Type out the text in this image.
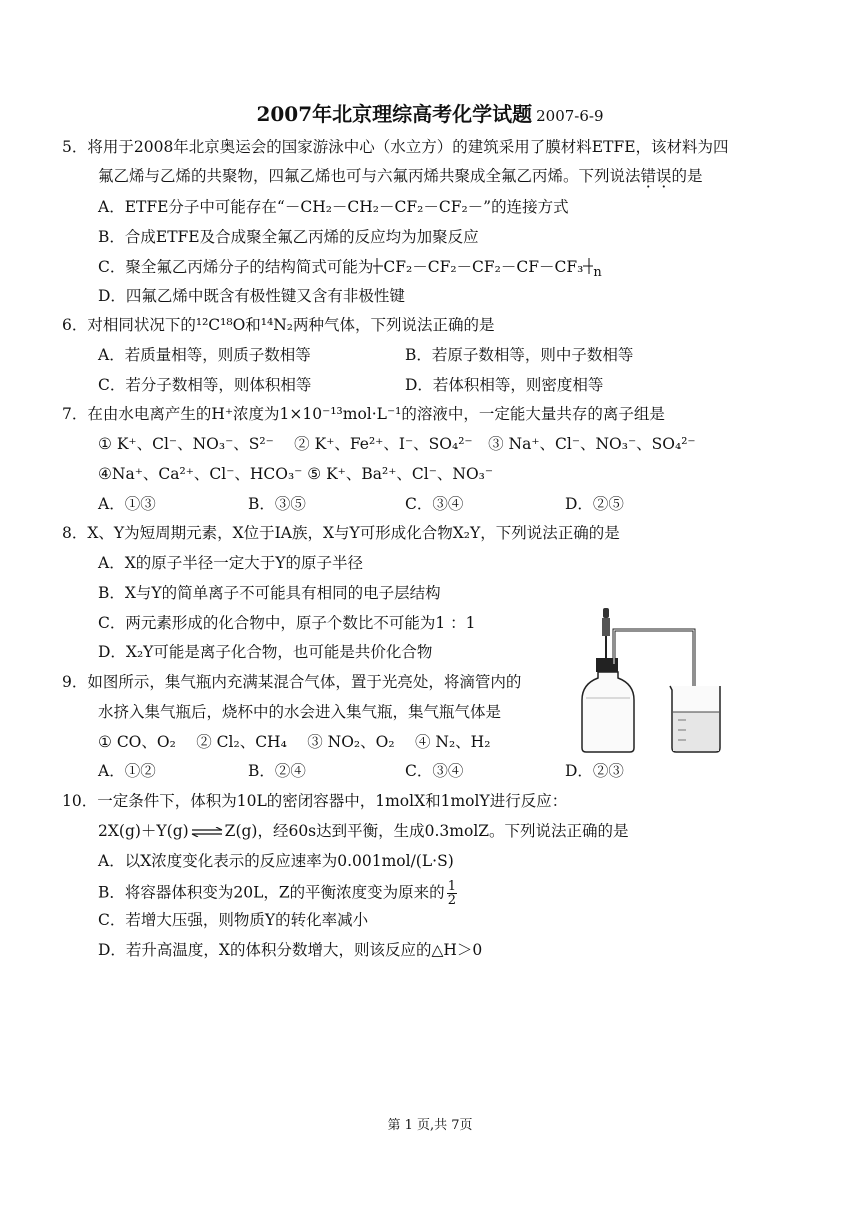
2007年北京理综高考化学试题 2007-6-9
5．将用于2008年北京奥运会的国家游泳中心（水立方）的建筑采用了膜材料ETFE，该材料为四
氟乙烯与乙烯的共聚物，四氟乙烯也可与六氟丙烯共聚成全氟乙丙烯。下列说法错误的是
A．ETFE分子中可能存在“－CH₂－CH₂－CF₂－CF₂－”的连接方式
B．合成ETFE及合成聚全氟乙丙烯的反应均为加聚反应
C．聚全氟乙丙烯分子的结构简式可能为 CF₂－CF₂－CF₂－CF－CF₃ $_n$
D．四氟乙烯中既含有极性键又含有非极性键
6．对相同状况下的¹²C¹⁸O和¹⁴N₂两种气体，下列说法正确的是
A．若质量相等，则质子数相等	B．若原子数相等，则中子数相等
C．若分子数相等，则体积相等	D．若体积相等，则密度相等
7．在由水电离产生的H⁺浓度为1×10⁻¹³mol·L⁻¹的溶液中，一定能大量共存的离子组是
① K⁺、Cl⁻、NO₃⁻、S²⁻　 ② K⁺、Fe²⁺、I⁻、SO₄²⁻　③ Na⁺、Cl⁻、NO₃⁻、SO₄²⁻
④Na⁺、Ca²⁺、Cl⁻、HCO₃⁻ ⑤ K⁺、Ba²⁺、Cl⁻、NO₃⁻
A．①③	B．③⑤	C．③④	D．②⑤
8．X、Y为短周期元素，X位于IA族，X与Y可形成化合物X₂Y，下列说法正确的是
A．X的原子半径一定大于Y的原子半径
B．X与Y的简单离子不可能具有相同的电子层结构
C．两元素形成的化合物中，原子个数比不可能为1 ：1
D．X₂Y可能是离子化合物，也可能是共价化合物
9．如图所示，集气瓶内充满某混合气体，置于光亮处，将滴管内的
水挤入集气瓶后，烧杯中的水会进入集气瓶，集气瓶气体是
① CO、O₂　 ② Cl₂、CH₄　 ③ NO₂、O₂　 ④ N₂、H₂
A．①②	B．②④	C．③④	D．②③
10．一定条件下，体积为10L的密闭容器中，1molX和1molY进行反应：
2X(g)＋Y(g) ⇌ Z(g)，经60s达到平衡，生成0.3molZ。下列说法正确的是
A．以X浓度变化表示的反应速率为0.001mol/(L·S)
B．将容器体积变为20L，Z的平衡浓度变为原来的 $\frac{1}{2}$
C．若增大压强，则物质Y的转化率减小
D．若升高温度，X的体积分数增大，则该反应的△H＞0
第 1 页,共 7页
